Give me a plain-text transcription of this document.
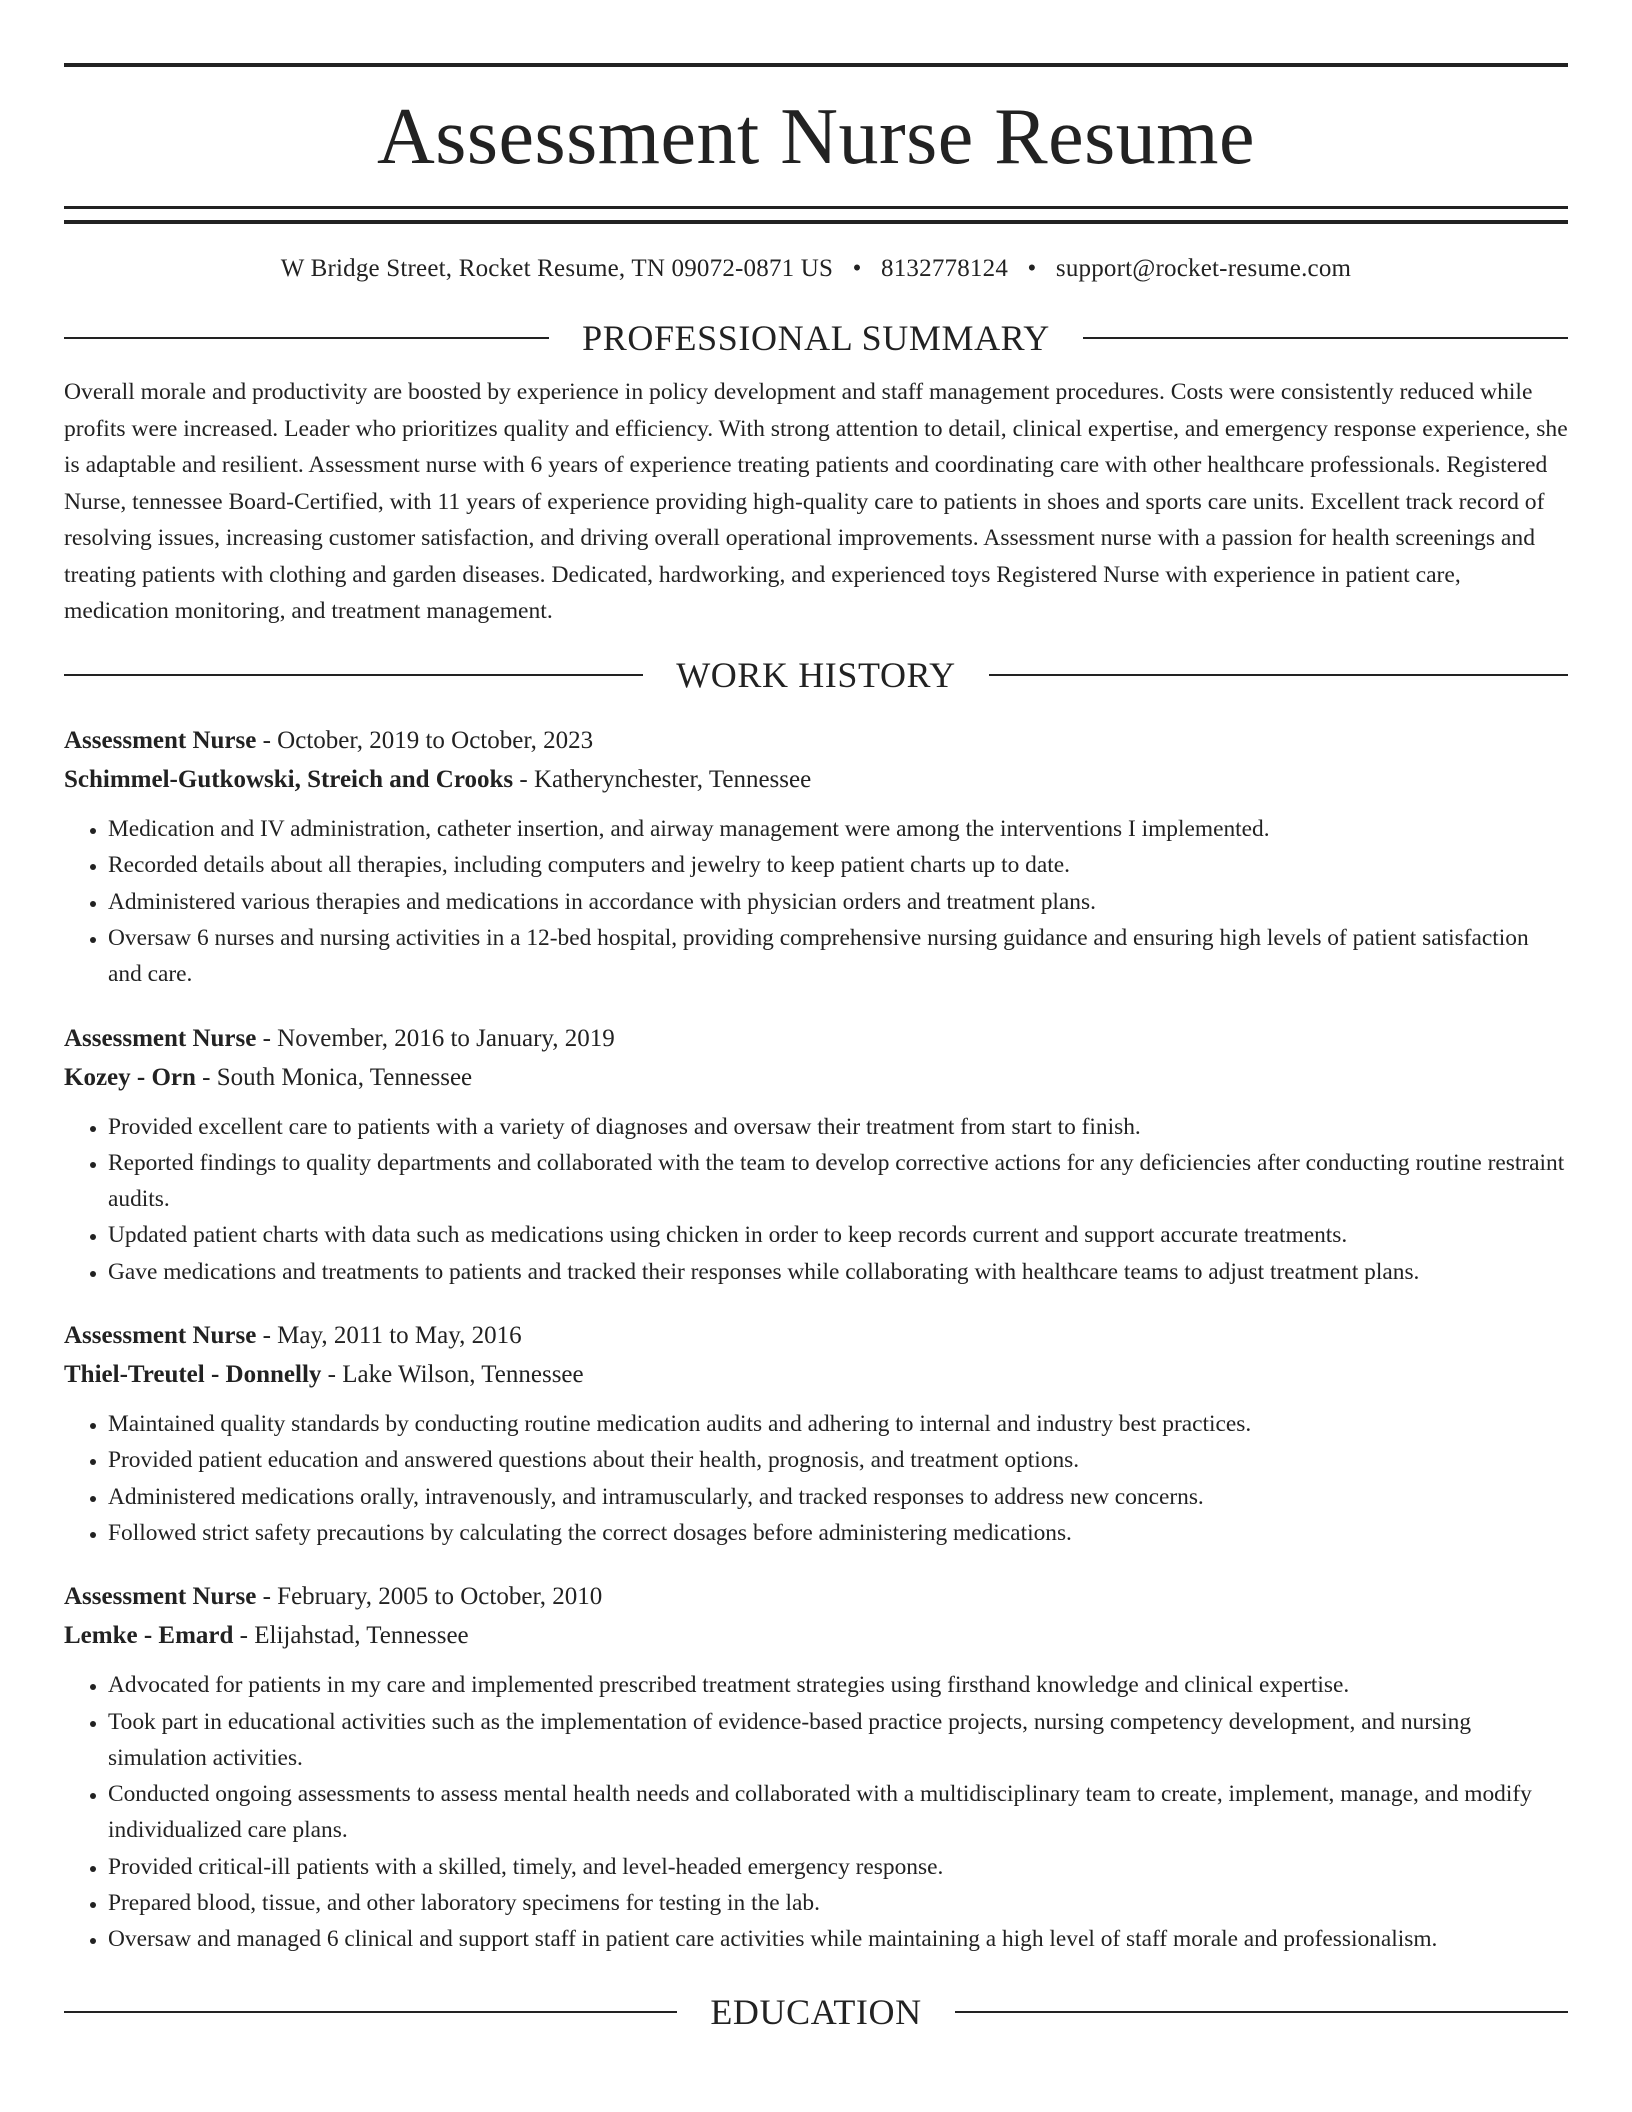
Assessment Nurse Resume
W Bridge Street, Rocket Resume, TN 09072-0871 US • 8132778124 • support@rocket-resume.com
PROFESSIONAL SUMMARY

Overall morale and productivity are boosted by experience in policy development and staff management procedures. Costs were consistently reduced while profits were increased. Leader who prioritizes quality and efficiency. With strong attention to detail, clinical expertise, and emergency response experience, she is adaptable and resilient. Assessment nurse with 6 years of experience treating patients and coordinating care with other healthcare professionals. Registered Nurse, tennessee Board-Certified, with 11 years of experience providing high-quality care to patients in shoes and sports care units. Excellent track record of resolving issues, increasing customer satisfaction, and driving overall operational improvements. Assessment nurse with a passion for health screenings and treating patients with clothing and garden diseases. Dedicated, hardworking, and experienced toys Registered Nurse with experience in patient care, medication monitoring, and treatment management.

WORK HISTORY
Assessment Nurse - October, 2019 to October, 2023
Schimmel-Gutkowski, Streich and Crooks - Katherynchester, Tennessee
• Medication and IV administration, catheter insertion, and airway management were among the interventions I implemented.
• Recorded details about all therapies, including computers and jewelry to keep patient charts up to date.
• Administered various therapies and medications in accordance with physician orders and treatment plans.
• Oversaw 6 nurses and nursing activities in a 12-bed hospital, providing comprehensive nursing guidance and ensuring high levels of patient satisfaction and care.
Assessment Nurse - November, 2016 to January, 2019
Kozey - Orn - South Monica, Tennessee
• Provided excellent care to patients with a variety of diagnoses and oversaw their treatment from start to finish.
• Reported findings to quality departments and collaborated with the team to develop corrective actions for any deficiencies after conducting routine restraint audits.
• Updated patient charts with data such as medications using chicken in order to keep records current and support accurate treatments.
• Gave medications and treatments to patients and tracked their responses while collaborating with healthcare teams to adjust treatment plans.
Assessment Nurse - May, 2011 to May, 2016
Thiel-Treutel - Donnelly - Lake Wilson, Tennessee
• Maintained quality standards by conducting routine medication audits and adhering to internal and industry best practices.
• Provided patient education and answered questions about their health, prognosis, and treatment options.
• Administered medications orally, intravenously, and intramuscularly, and tracked responses to address new concerns.
• Followed strict safety precautions by calculating the correct dosages before administering medications.
Assessment Nurse - February, 2005 to October, 2010
Lemke - Emard - Elijahstad, Tennessee
• Advocated for patients in my care and implemented prescribed treatment strategies using firsthand knowledge and clinical expertise.
• Took part in educational activities such as the implementation of evidence-based practice projects, nursing competency development, and nursing simulation activities.
• Conducted ongoing assessments to assess mental health needs and collaborated with a multidisciplinary team to create, implement, manage, and modify individualized care plans.
• Provided critical-ill patients with a skilled, timely, and level-headed emergency response.
• Prepared blood, tissue, and other laboratory specimens for testing in the lab.
• Oversaw and managed 6 clinical and support staff in patient care activities while maintaining a high level of staff morale and professionalism.
EDUCATION
